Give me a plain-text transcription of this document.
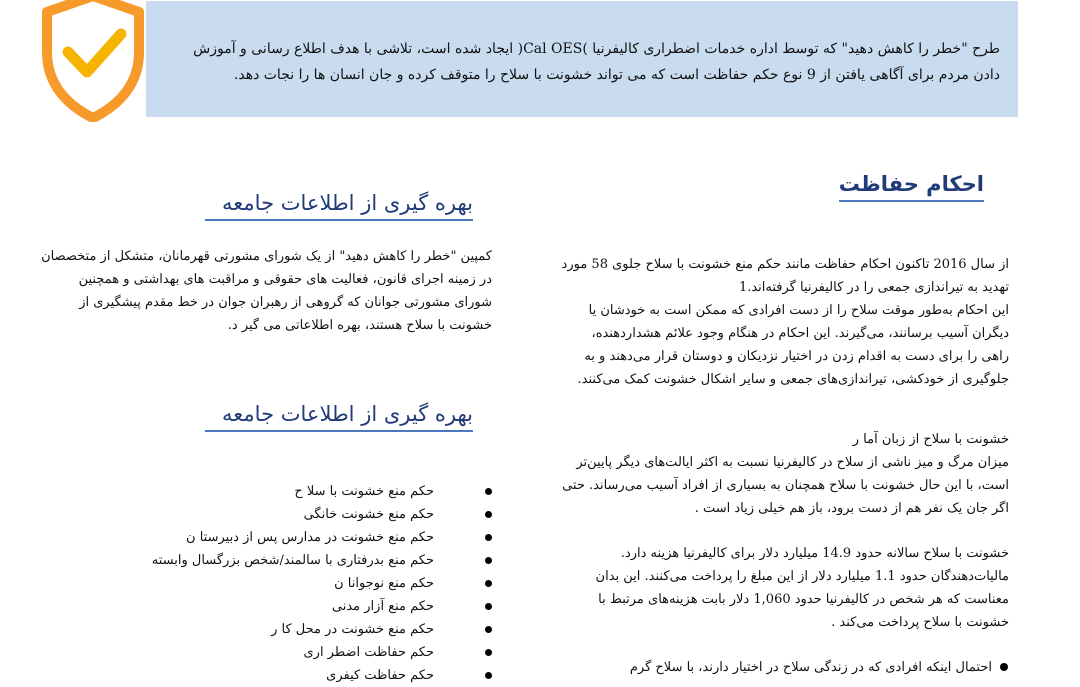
طرح "خطر را کاهش دهید" که توسط اداره خدمات اضطراری کالیفرنیا )Cal OES( ایجاد شده است، تلاشی با هدف اطلاع رسانی و آموزش دادن مردم برای آگاهی یافتن از 9 نوع حکم حفاظت است که می تواند خشونت با سلاح را متوقف کرده و جان انسان ها را نجات دهد.
احکام حفاظت
از سال 2016 تاکنون احکام حفاظت مانند حکم منع خشونت با سلاح جلوی 58 مورد
تهدید به تیراندازی جمعی را در کالیفرنیا گرفته‌اند.1
این احکام به‌طور موقت سلاح را از دست افرادی که ممکن است به خودشان یا
دیگران آسیب برسانند، می‌گیرند. این احکام در هنگام وجود علائم هشداردهنده،
راهی را برای دست به اقدام زدن در اختیار نزدیکان و دوستان قرار می‌دهند و به
جلوگیری از خودکشی، تیراندازی‌های جمعی و سایر اشکال خشونت کمک می‌کنند.
خشونت با سلاح از زبان آما ر
میزان مرگ و میز ناشی از سلاح در کالیفرنیا نسبت به اکثر ایالت‌های دیگر پایین‌تر
است، با این حال خشونت با سلاح همچنان به بسیاری از افراد آسیب می‌رساند. حتی
اگر جان یک نفر هم از دست برود، باز هم خیلی زیاد است .
خشونت با سلاح سالانه حدود 14.9 میلیارد دلار برای کالیفرنیا هزینه دارد.
مالیات‌دهندگان حدود 1.1 میلیارد دلار از این مبلغ را پرداخت می‌کنند. این بدان
معناست که هر شخص در کالیفرنیا حدود 1,060 دلار بابت هزینه‌های مرتبط با
خشونت با سلاح پرداخت می‌کند .
احتمال اینکه افرادی که در زندگی سلاح در اختیار دارند، با سلاح گرم
بهره گیری از اطلاعات جامعه
کمپین "خطر را کاهش دهید" از یک شورای مشورتی قهرمانان، متشکل از متخصصان
در زمینه اجرای قانون، فعالیت های حقوقی و مراقبت های بهداشتی و همچنین
شورای مشورتی جوانان که گروهی از رهبران جوان در خط مقدم پیشگیری از
خشونت با سلاح هستند، بهره اطلاعاتی می گیر د.
بهره گیری از اطلاعات جامعه
حکم منع خشونت با سلا ح
حکم منع خشونت خانگی
حکم منع خشونت در مدارس پس از دبیرستا ن
حکم منع بدرفتاری با سالمند/شخص بزرگسال وابسته
حکم منع نوجوانا ن
حکم منع آزار مدنی
حکم منع خشونت در محل کا ر
حکم حفاظت اضطر اری
حکم حفاظت کیفری
